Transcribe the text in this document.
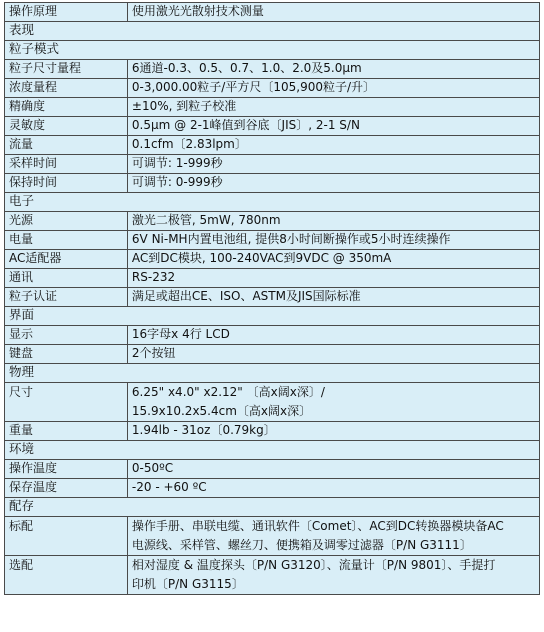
操作原理	使用激光光散射技术测量
表现	
粒子模式	
粒子尺寸量程	6通道-0.3、0.5、0.7、1.0、2.0及5.0μm
浓度量程	0-3,000.00粒子/平方尺〔105,900粒子/升〕
精确度	±10%, 到粒子校准
灵敏度	0.5μm @ 2-1峰值到谷底〔JIS〕, 2-1 S/N
流量	0.1cfm〔2.83lpm〕
采样时间	可调节: 1-999秒
保持时间	可调节: 0-999秒
电子	
光源	激光二极管, 5mW, 780nm
电量	6V Ni-MH内置电池组, 提供8小时间断操作或5小时连续操作
AC适配器	AC到DC模块, 100-240VAC到9VDC @ 350mA
通讯	RS-232
粒子认证	满足或超出CE、ISO、ASTM及JIS国际标准
界面	
显示	16字母x 4行 LCD
键盘	2个按钮
物理	
尺寸	6.25" x4.0" x2.12" 〔高x阔x深〕/
15.9x10.2x5.4cm〔高x阔x深〕

重量	1.94lb - 31oz〔0.79kg〕
环境	
操作温度	0-50ºC
保存温度	-20 - +60 ºC
配存	
标配	操作手册、串联电缆、通讯软件〔Comet〕、AC到DC转换器模块备AC
电源线、采样管、螺丝刀、便携箱及调零过滤器〔P/N G3111〕

选配	相对湿度 & 温度探头〔P/N G3120〕、流量计〔P/N 9801〕、手提打
印机〔P/N G3115〕
